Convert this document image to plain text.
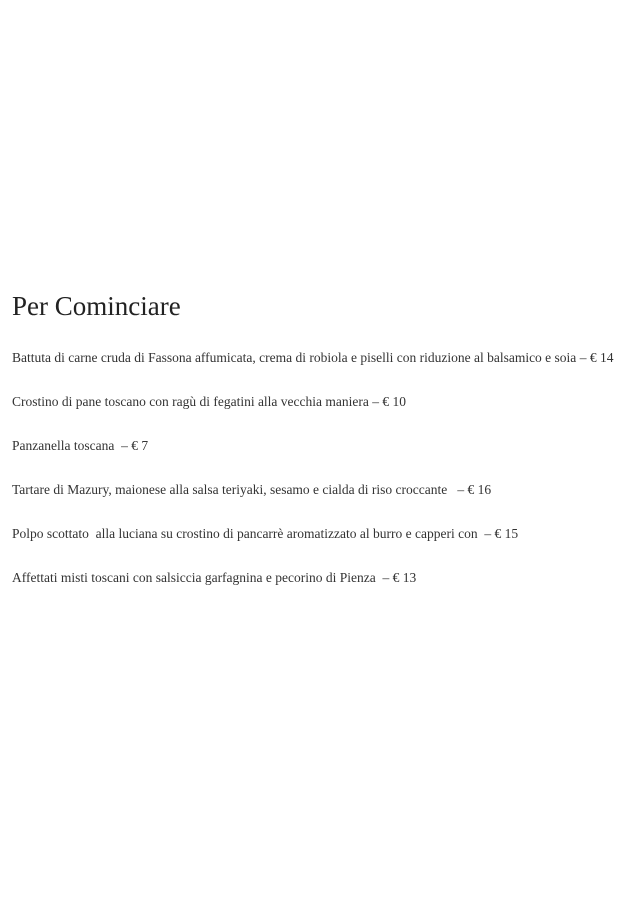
Per Cominciare
Battuta di carne cruda di Fassona affumicata, crema di robiola e piselli con riduzione al balsamico e soia – € 14
Crostino di pane toscano con ragù di fegatini alla vecchia maniera – € 10
Panzanella toscana  – € 7
Tartare di Mazury, maionese alla salsa teriyaki, sesamo e cialda di riso croccante   – € 16
Polpo scottato  alla luciana su crostino di pancarrè aromatizzato al burro e capperi con  – € 15
Affettati misti toscani con salsiccia garfagnina e pecorino di Pienza  – € 13
